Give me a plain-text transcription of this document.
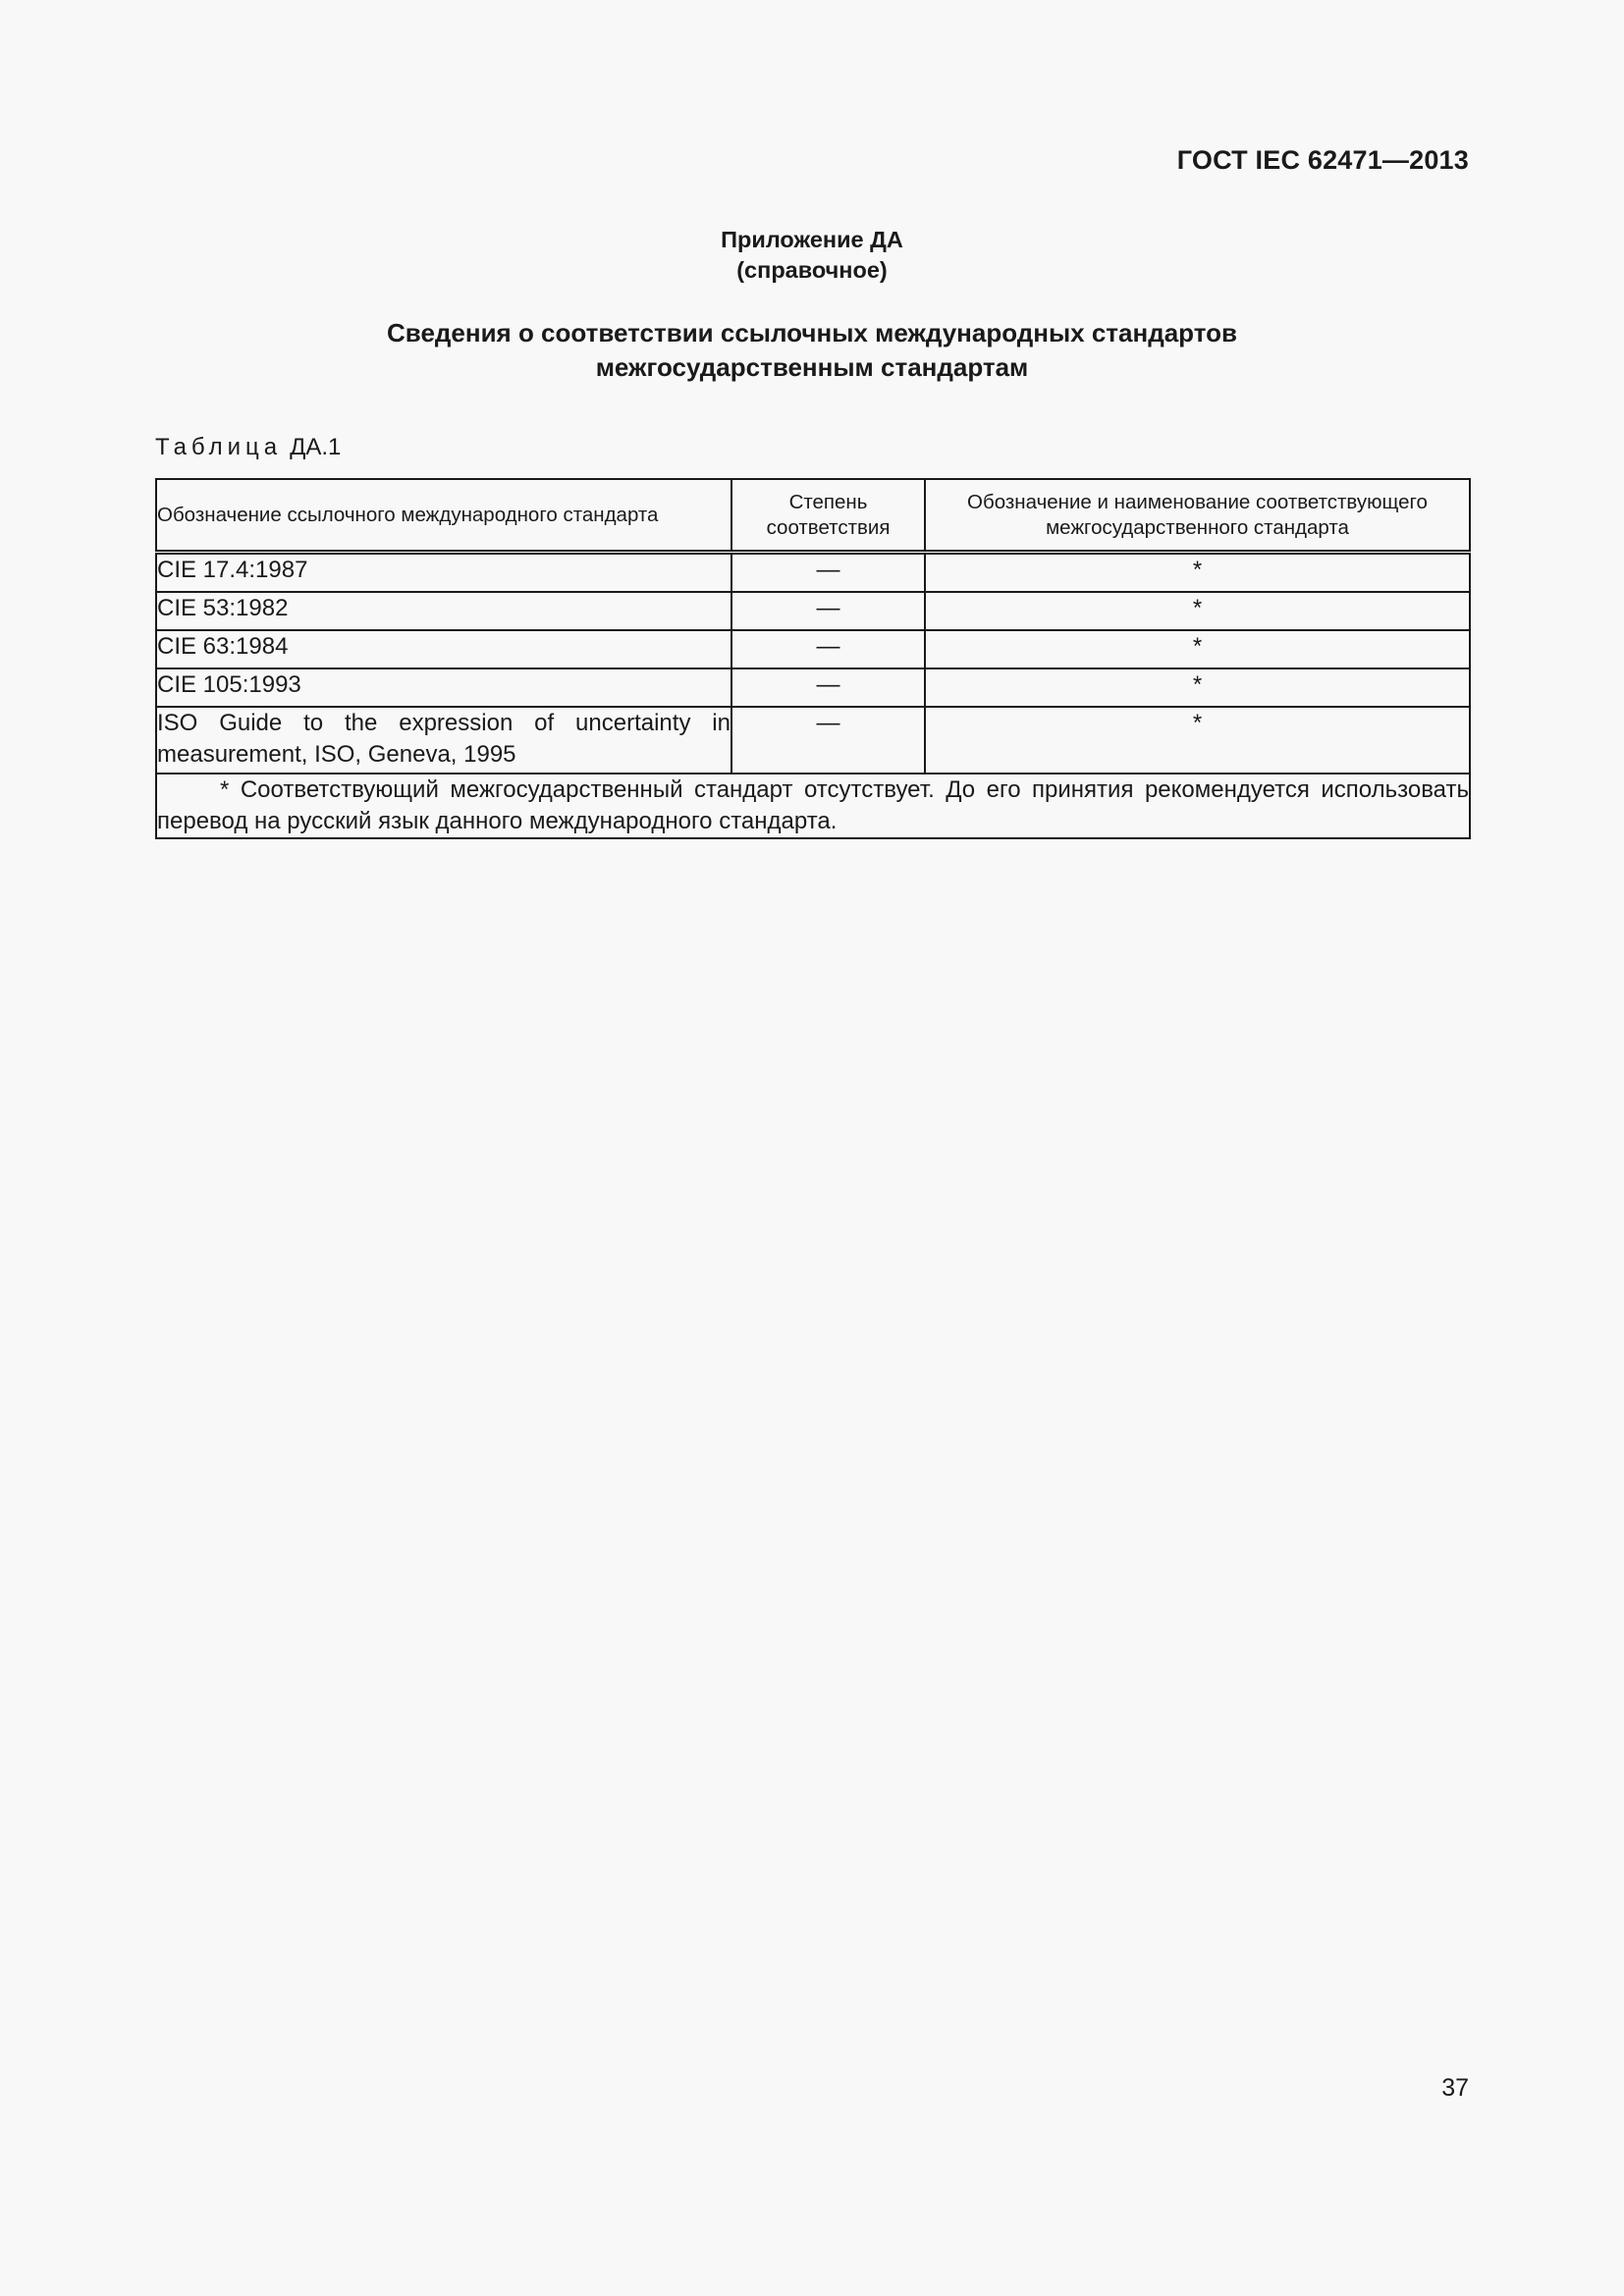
ГОСТ IEC 62471—2013
Приложение ДА
(справочное)
Сведения о соответствии ссылочных международных стандартов
межгосударственным стандартам
Таблица ДА.1
Обозначение ссылочного международного стандарта	Степень соответствия	Обозначение и наименование соответствующего межгосударственного стандарта
CIE 17.4:1987	—	*
CIE 53:1982	—	*
CIE 63:1984	—	*
CIE 105:1993	—	*
ISO Guide to the expression of uncertainty in measurement, ISO, Geneva, 1995	—	*
* Соответствующий межгосударственный стандарт отсутствует. До его принятия рекомендуется использовать перевод на русский язык данного международного стандарта.		
37
